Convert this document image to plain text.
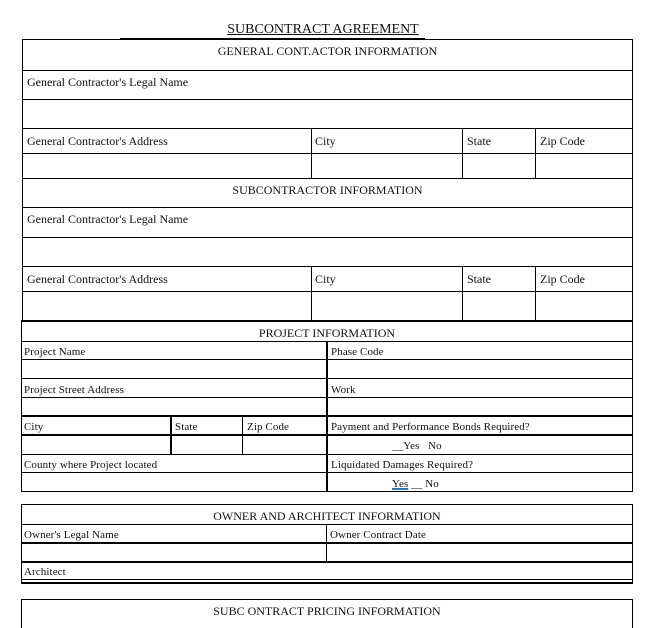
SUBCONTRACT AGREEMENT
GENERAL CONT.ACTOR INFORMATION
General Contractor's Legal Name
General Contractor's Address	City	State	Zip Code
SUBCONTRACTOR INFORMATION
General Contractor's Legal Name
General Contractor's Address	City	State	Zip Code
PROJECT INFORMATION
Project Name	Phase Code
Project Street Address	Work
City	State	Zip Code	Payment and Performance Bonds Required?
__Yes No
County where Project located	Liquidated Damages Required?
Yes __ No
OWNER AND ARCHITECT INFORMATION
Owner's Legal Name	Owner Contract Date
Architect
SUBC ONTRACT PRICING INFORMATION
